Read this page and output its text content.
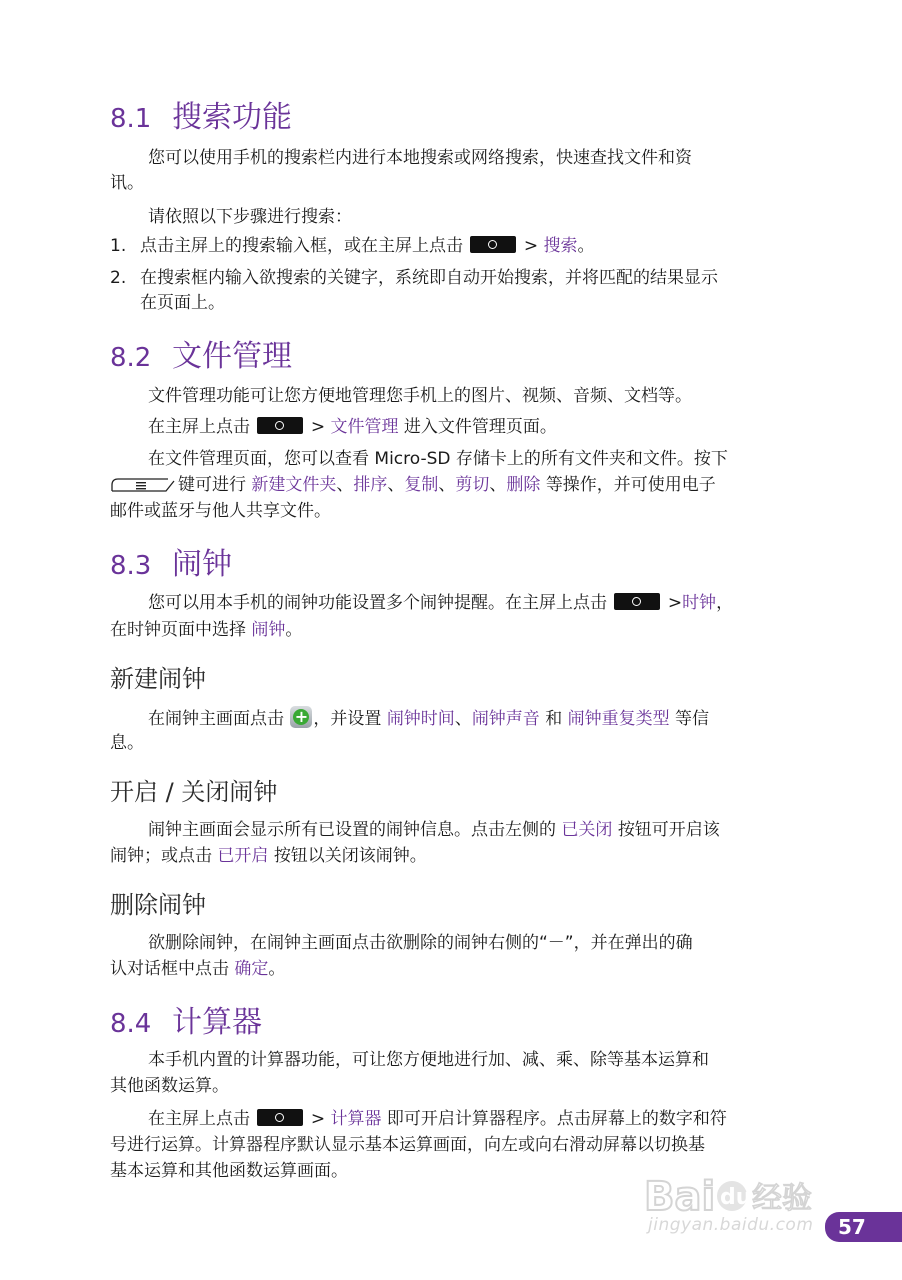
8.1 搜索功能

您可以使用手机的搜索栏内进行本地搜索或网络搜索，快速查找文件和资

讯。

请依照以下步骤进行搜索：

1. 点击主屏上的搜索输入框，或在主屏上点击	> 搜索。

2. 在搜索框内输入欲搜索的关键字，系统即自动开始搜索，并将匹配的结果显示

在页面上。

8.2 文件管理

文件管理功能可让您方便地管理您手机上的图片、视频、音频、文档等。

在主屏上点击	> 文件管理 进入文件管理页面。

在文件管理页面，您可以查看 Micro-SD 存储卡上的所有文件夹和文件。按下

键可进行 新建文件夹、排序、复制、剪切、删除 等操作，并可使用电子

邮件或蓝牙与他人共享文件。

8.3 闹钟

您可以用本手机的闹钟功能设置多个闹钟提醒。在主屏上点击	>时钟，

在时钟页面中选择 闹钟。

新建闹钟

在闹钟主画面点击 + ，并设置 闹钟时间、闹钟声音 和 闹钟重复类型 等信

息。

开启 / 关闭闹钟

闹钟主画面会显示所有已设置的闹钟信息。点击左侧的 已关闭 按钮可开启该

闹钟；或点击 已开启 按钮以关闭该闹钟。

删除闹钟

欲删除闹钟，在闹钟主画面点击欲删除的闹钟右侧的“－”，并在弹出的确

认对话框中点击 确定。

8.4 计算器

本手机内置的计算器功能，可让您方便地进行加、减、乘、除等基本运算和

其他函数运算。

在主屏上点击	> 计算器 即可开启计算器程序。点击屏幕上的数字和符

号进行运算。计算器程序默认显示基本运算画面，向左或向右滑动屏幕以切换基

基本运算和其他函数运算画面。

Bai du 经验
jingyan.baidu.com 57
